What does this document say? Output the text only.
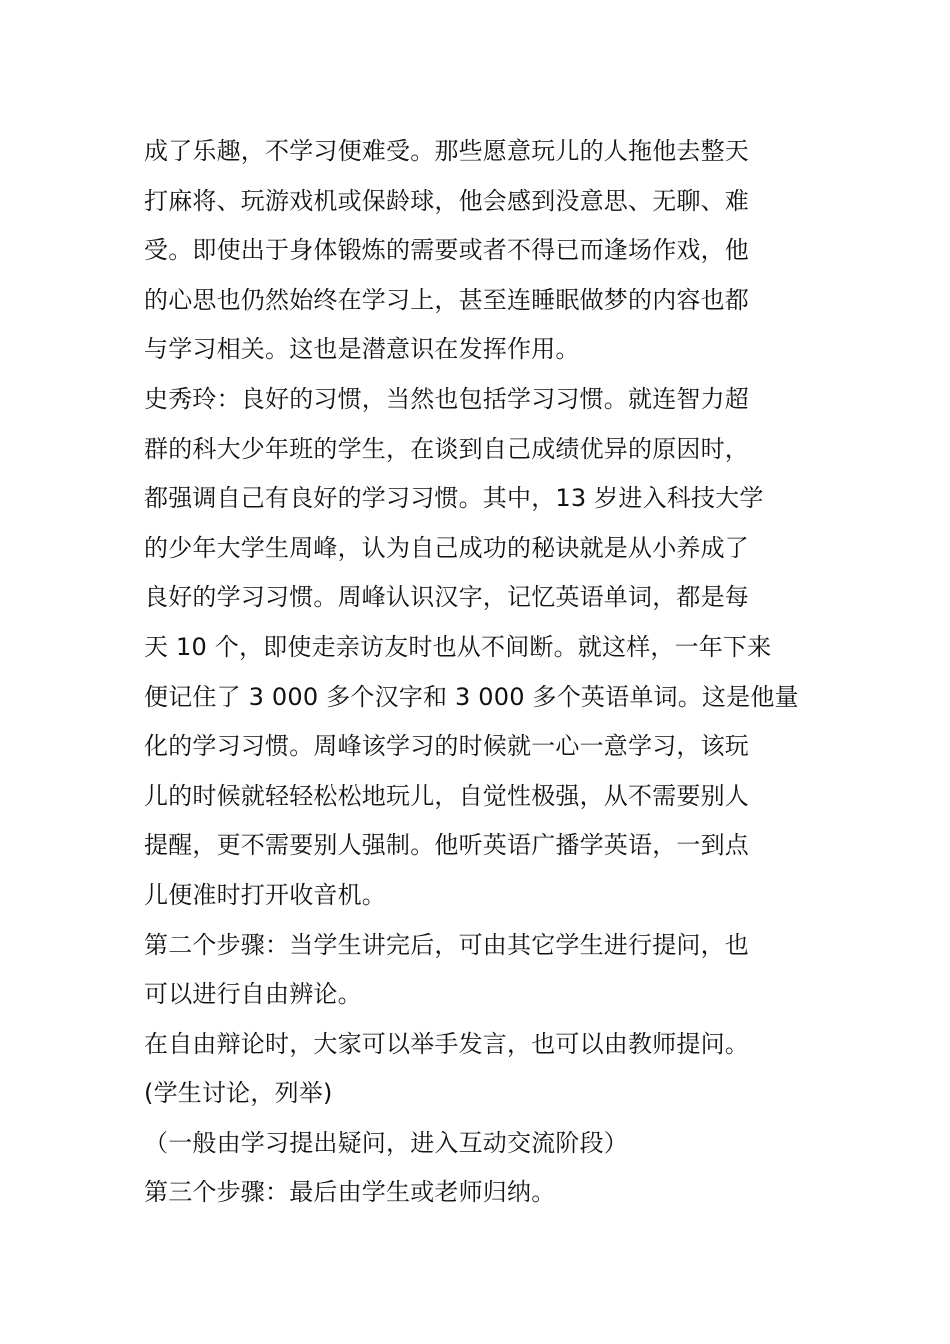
成了乐趣，不学习便难受。那些愿意玩儿的人拖他去整天
打麻将、玩游戏机或保龄球，他会感到没意思、无聊、难
受。即使出于身体锻炼的需要或者不得已而逢场作戏，他
的心思也仍然始终在学习上，甚至连睡眠做梦的内容也都
与学习相关。这也是潜意识在发挥作用。
史秀玲：良好的习惯，当然也包括学习习惯。就连智力超
群的科大少年班的学生，在谈到自己成绩优异的原因时，
都强调自己有良好的学习习惯。其中，13 岁进入科技大学
的少年大学生周峰，认为自己成功的秘诀就是从小养成了
良好的学习习惯。周峰认识汉字，记忆英语单词，都是每
天 10 个，即使走亲访友时也从不间断。就这样，一年下来
便记住了 3 000 多个汉字和 3 000 多个英语单词。这是他量
化的学习习惯。周峰该学习的时候就一心一意学习，该玩
儿的时候就轻轻松松地玩儿，自觉性极强，从不需要别人
提醒，更不需要别人强制。他听英语广播学英语，一到点
儿便准时打开收音机。
第二个步骤：当学生讲完后，可由其它学生进行提问，也
可以进行自由辨论。
在自由辩论时，大家可以举手发言，也可以由教师提问。
(学生讨论，列举)
（一般由学习提出疑问，进入互动交流阶段）
第三个步骤：最后由学生或老师归纳。
